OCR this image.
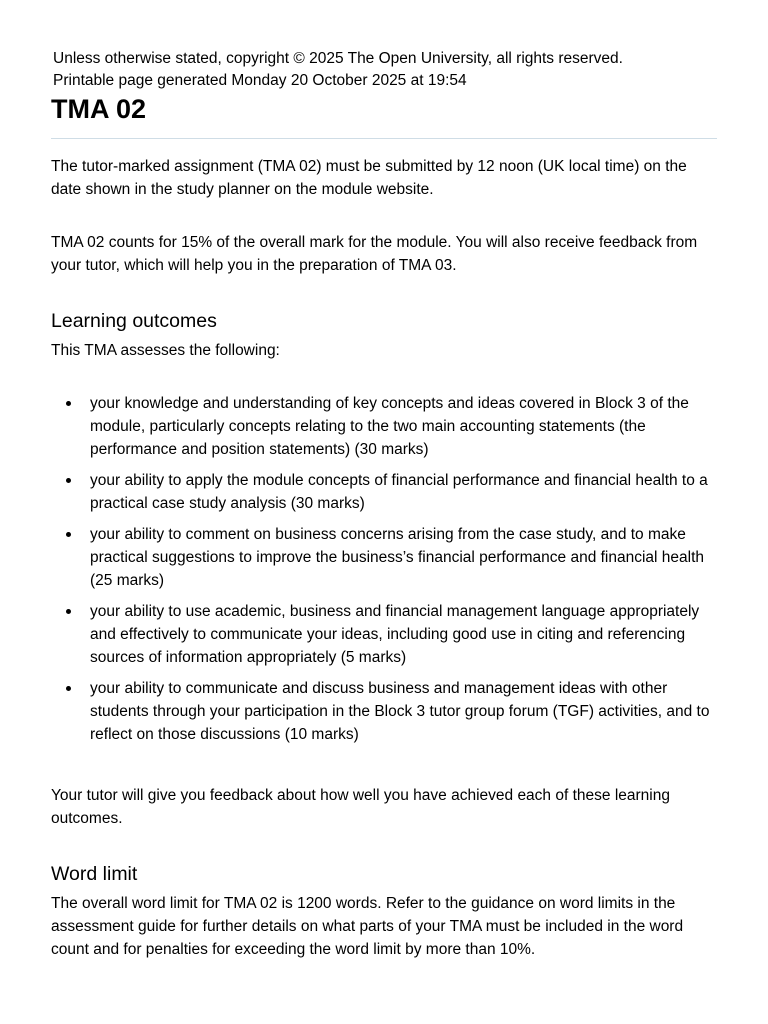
Unless otherwise stated, copyright © 2025 The Open University, all rights reserved.
Printable page generated Monday 20 October 2025 at 19:54
TMA 02

The tutor-marked assignment (TMA 02) must be submitted by 12 noon (UK local time) on the date shown in the study planner on the module website.

TMA 02 counts for 15% of the overall mark for the module. You will also receive feedback from your tutor, which will help you in the preparation of TMA 03.

Learning outcomes

This TMA assesses the following:

your knowledge and understanding of key concepts and ideas covered in Block 3 of the module, particularly concepts relating to the two main accounting statements (the performance and position statements) (30 marks)
your ability to apply the module concepts of financial performance and financial health to a practical case study analysis (30 marks)
your ability to comment on business concerns arising from the case study, and to make practical suggestions to improve the business’s financial performance and financial health (25 marks)
your ability to use academic, business and financial management language appropriately and effectively to communicate your ideas, including good use in citing and referencing sources of information appropriately (5 marks)
your ability to communicate and discuss business and management ideas with other students through your participation in the Block 3 tutor group forum (TGF) activities, and to reflect on those discussions (10 marks)

Your tutor will give you feedback about how well you have achieved each of these learning outcomes.

Word limit

The overall word limit for TMA 02 is 1200 words. Refer to the guidance on word limits in the assessment guide for further details on what parts of your TMA must be included in the word count and for penalties for exceeding the word limit by more than 10%.
